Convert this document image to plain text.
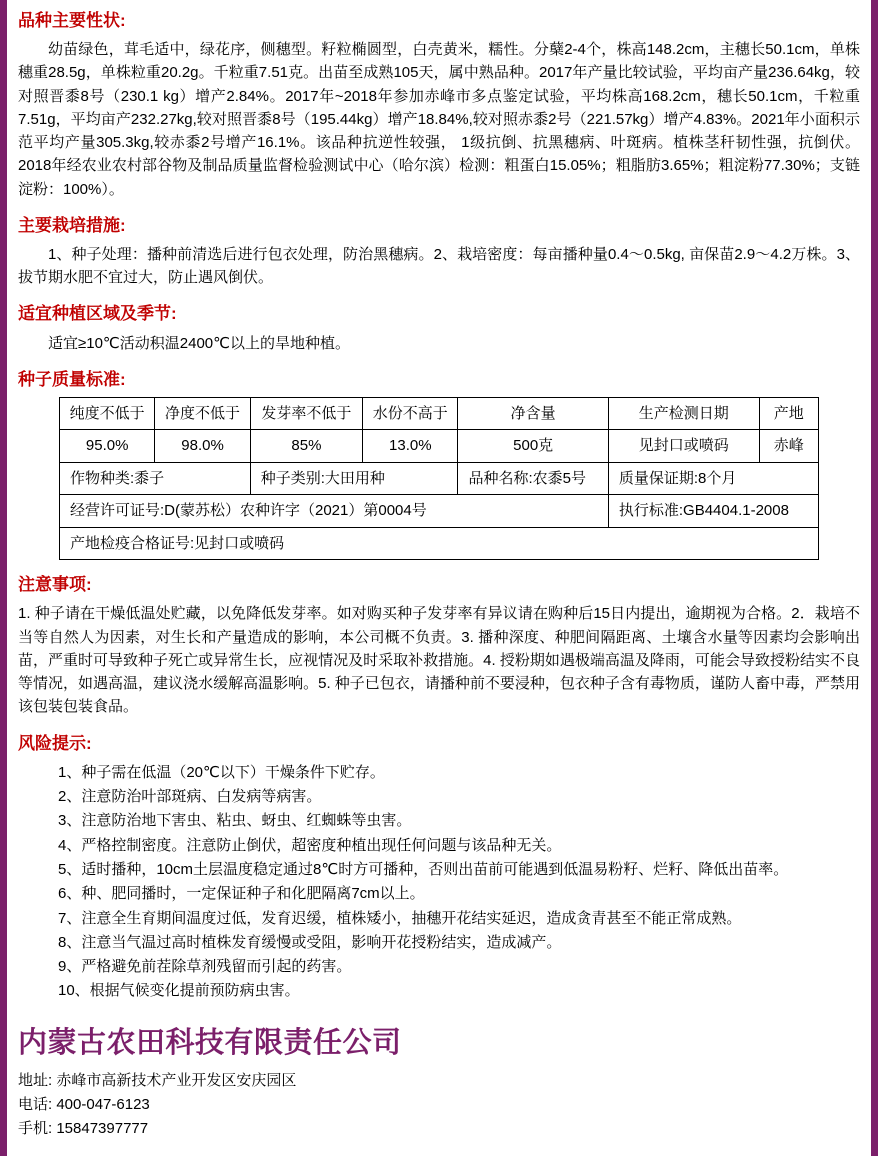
品种主要性状:

幼苗绿色，茸毛适中，绿花序，侧穗型。籽粒椭圆型，白壳黄米，糯性。分蘖2-4个，株高148.2cm，主穗长50.1cm，单株穗重28.5g，单株粒重20.2g。千粒重7.51克。出苗至成熟105天，属中熟品种。2017年产量比较试验，平均亩产量236.64kg，较对照晋黍8号（230.1 kg）增产2.84%。2017年~2018年参加赤峰市多点鉴定试验，平均株高168.2cm，穗长50.1cm，千粒重7.51g，平均亩产232.27kg,较对照晋黍8号（195.44kg）增产18.84%,较对照赤黍2号（221.57kg）增产4.83%。2021年小面积示范平均产量305.3kg,较赤黍2号增产16.1%。该品种抗逆性较强， 1级抗倒、抗黑穗病、叶斑病。植株茎秆韧性强，抗倒伏。2018年经农业农村部谷物及制品质量监督检验测试中心（哈尔滨）检测：粗蛋白15.05%；粗脂肪3.65%；粗淀粉77.30%；支链淀粉：100%）。

主要栽培措施:

1、种子处理：播种前清选后进行包衣处理，防治黑穗病。2、栽培密度：每亩播种量0.4〜0.5kg, 亩保苗2.9〜4.2万株。3、拔节期水肥不宜过大，防止遇风倒伏。

适宜种植区域及季节:

适宜≥10℃活动积温2400℃以上的旱地种植。

种子质量标准:
纯度不低于	净度不低于	发芽率不低于	水份不高于	净含量	生产检测日期	产地
95.0%	98.0%	85%	13.0%	500克	见封口或喷码	赤峰
作物种类:黍子		种子类别:大田用种		品种名称:农黍5号	质量保证期:8个月	
经营许可证号:D(蒙苏松）农种许字（2021）第0004号					执行标准:GB4404.1-2008	
产地检疫合格证号:见封口或喷码						
注意事项:

1. 种子请在干燥低温处贮藏，以免降低发芽率。如对购买种子发芽率有异议请在购种后15日内提出，逾期视为合格。2．栽培不当等自然人为因素，对生长和产量造成的影响，本公司概不负责。3. 播种深度、种肥间隔距离、土壤含水量等因素均会影响出苗，严重时可导致种子死亡或异常生长，应视情况及时采取补救措施。4. 授粉期如遇极端高温及降雨，可能会导致授粉结实不良等情况，如遇高温，建议浇水缓解高温影响。5. 种子已包衣，请播种前不要浸种，包衣种子含有毒物质，谨防人畜中毒，严禁用该包装包装食品。

风险提示:
1、种子需在低温（20℃以下）干燥条件下贮存。
2、注意防治叶部斑病、白发病等病害。
3、注意防治地下害虫、粘虫、蚜虫、红蜘蛛等虫害。
4、严格控制密度。注意防止倒伏，超密度种植出现任何问题与该品种无关。
5、适时播种，10cm土层温度稳定通过8℃时方可播种，否则出苗前可能遇到低温易粉籽、烂籽、降低出苗率。
6、种、肥同播时，一定保证种子和化肥隔离7cm以上。
7、注意全生育期间温度过低，发育迟缓，植株矮小，抽穗开花结实延迟，造成贪青甚至不能正常成熟。
8、注意当气温过高时植株发育缓慢或受阻，影响开花授粉结实，造成减产。
9、严格避免前茬除草剂残留而引起的药害。
10、根据气候变化提前预防病虫害。
内蒙古农田科技有限责任公司
地址: 赤峰市高新技术产业开发区安庆园区
电话: 400-047-6123
手机: 15847397777
